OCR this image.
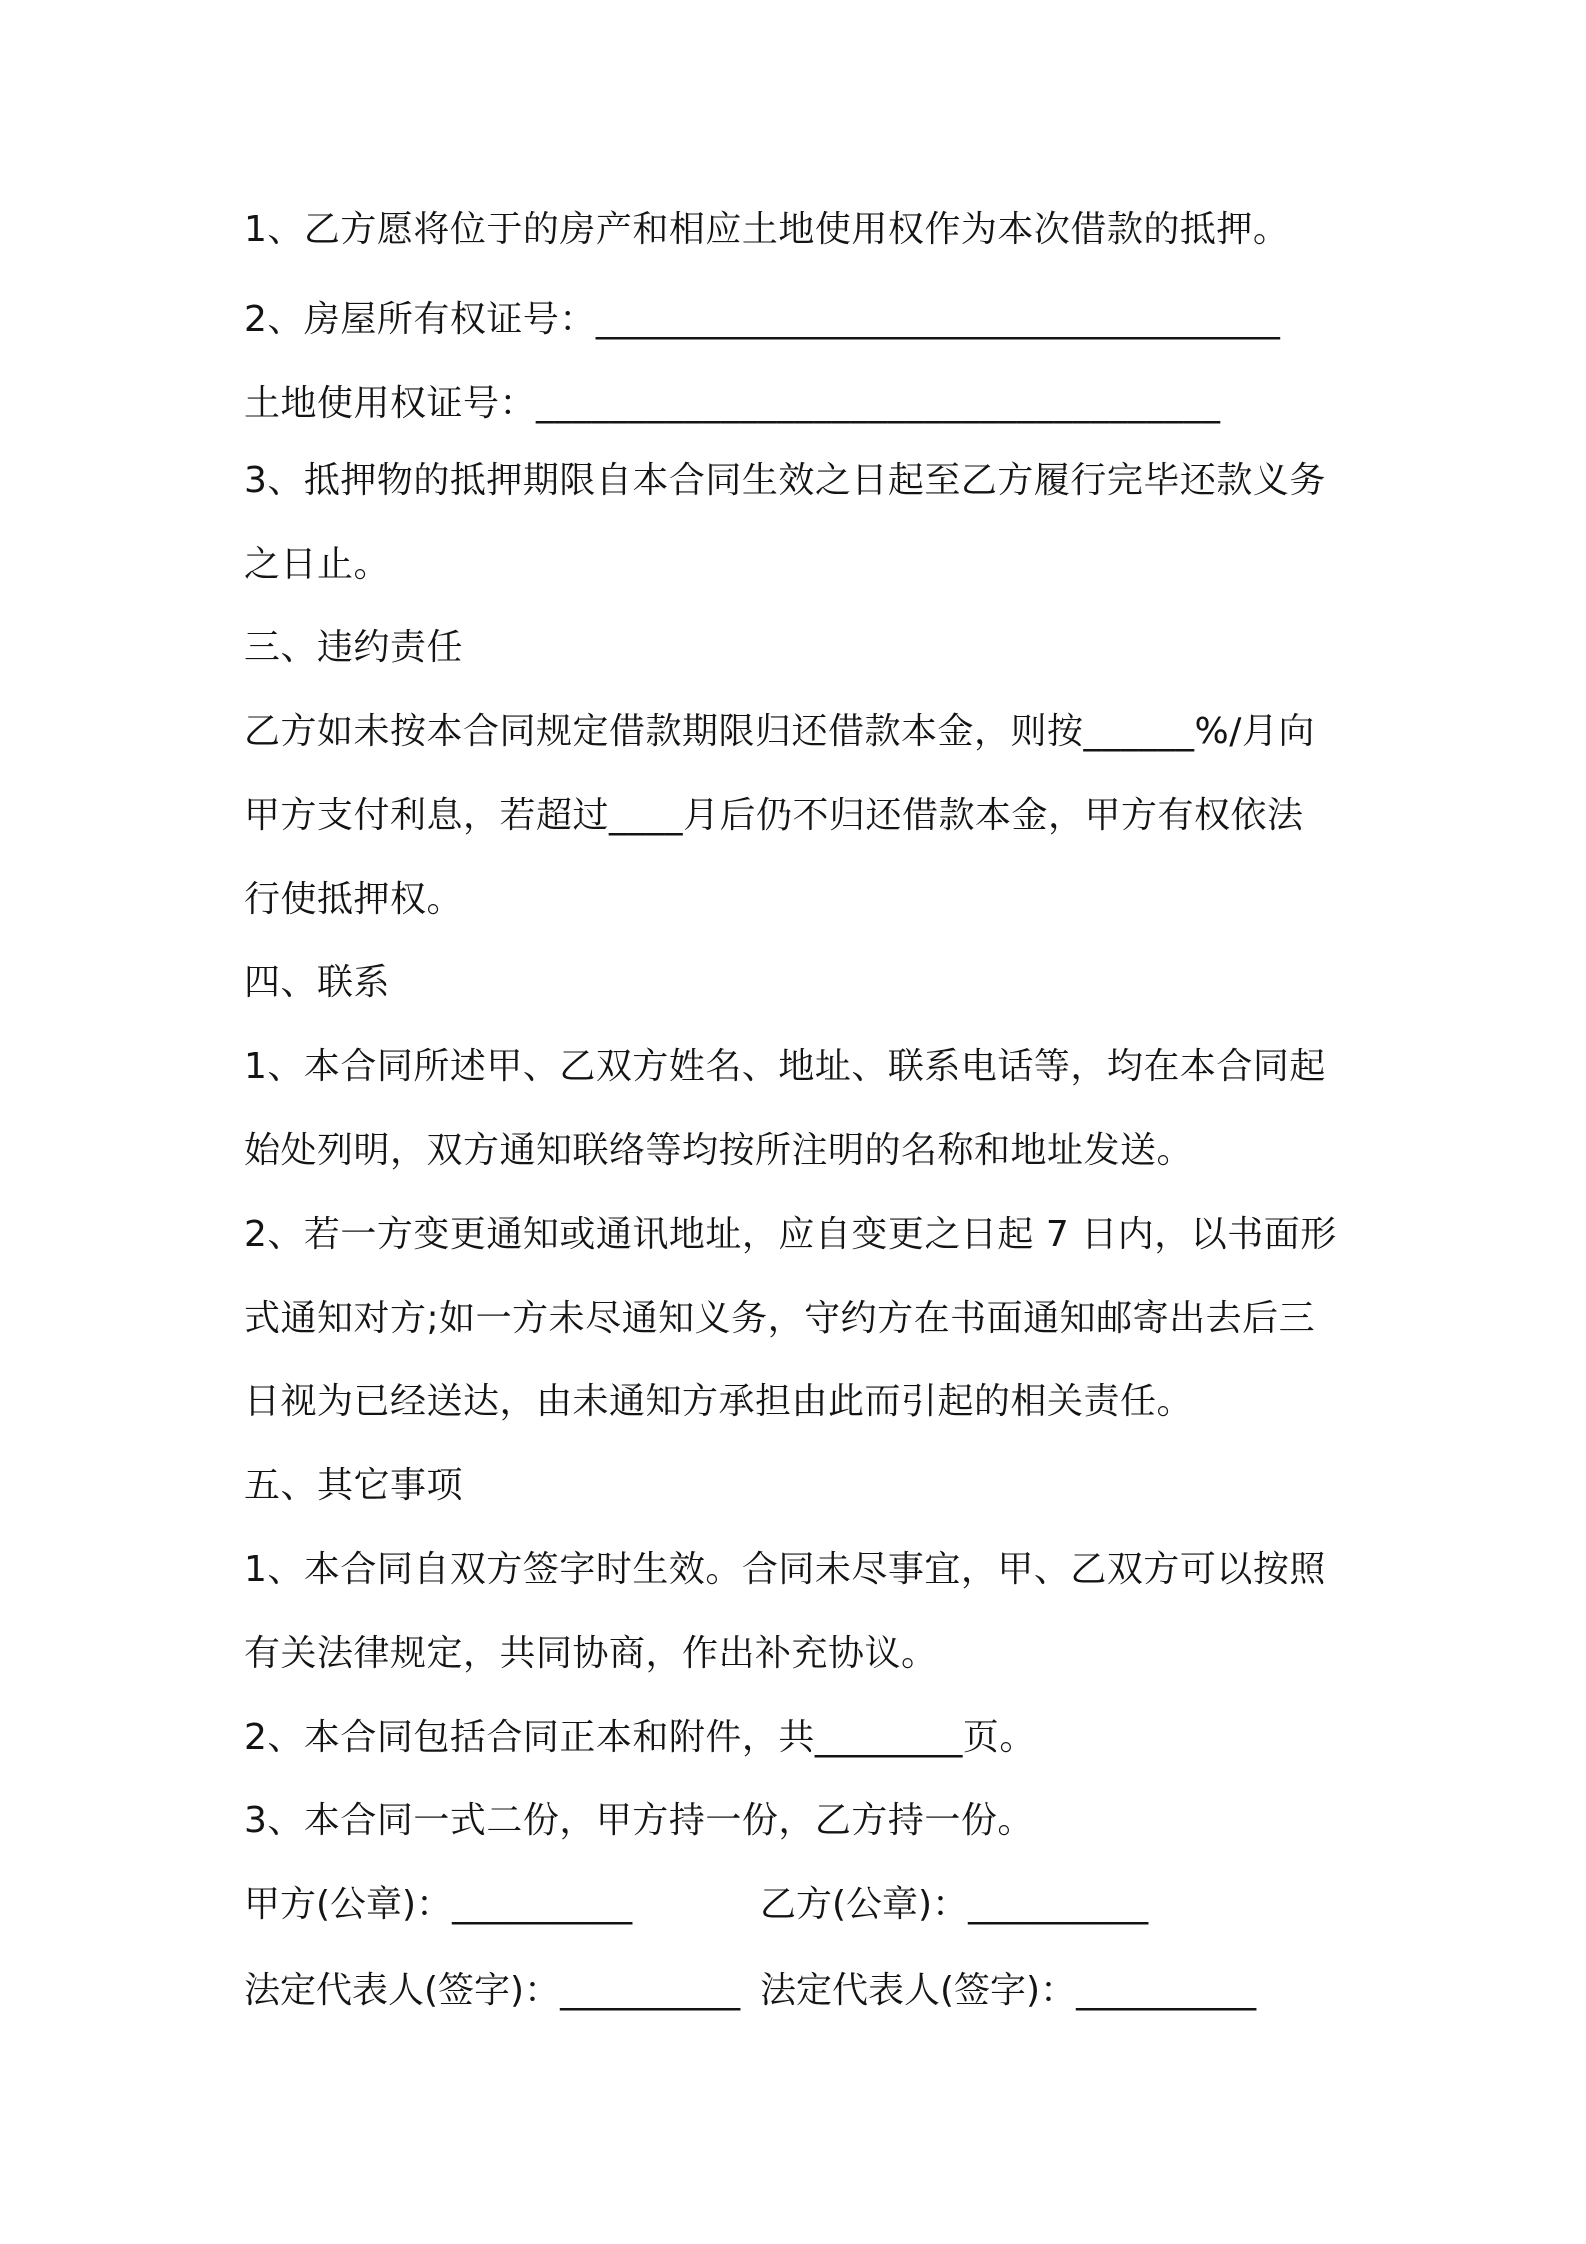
1、乙方愿将位于的房产和相应土地使用权作为本次借款的抵押。

2、房屋所有权证号：_____________________________________

土地使用权证号：_____________________________________

3、抵押物的抵押期限自本合同生效之日起至乙方履行完毕还款义务

之日止。

三、违约责任

乙方如未按本合同规定借款期限归还借款本金，则按______%/月向

甲方支付利息，若超过____月后仍不归还借款本金，甲方有权依法

行使抵押权。

四、联系

1、本合同所述甲、乙双方姓名、地址、联系电话等，均在本合同起

始处列明，双方通知联络等均按所注明的名称和地址发送。

2、若一方变更通知或通讯地址，应自变更之日起 7 日内，以书面形

式通知对方;如一方未尽通知义务，守约方在书面通知邮寄出去后三

日视为已经送达，由未通知方承担由此而引起的相关责任。

五、其它事项

1、本合同自双方签字时生效。合同未尽事宜，甲、乙双方可以按照

有关法律规定，共同协商，作出补充协议。

2、本合同包括合同正本和附件，共________页。

3、本合同一式二份，甲方持一份，乙方持一份。

甲方(公章)：__________	乙方(公章)：__________

法定代表人(签字)：__________ 法定代表人(签字)：__________
